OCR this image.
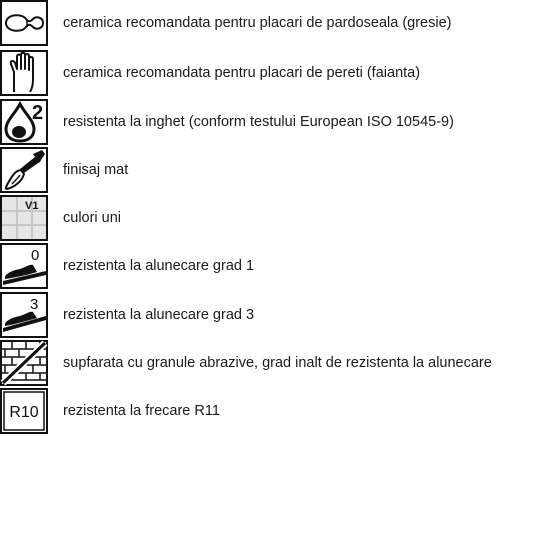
ceramica recomandata pentru placari de pardoseala (gresie)
ceramica recomandata pentru placari de pereti (faianta)
2 resistenta la inghet (conform testului European ISO 10545-9)
finisaj mat
V1
culori uni
0
rezistenta la alunecare grad 1
3
rezistenta la alunecare grad 3
supfarata cu granule abrazive, grad inalt de rezistenta la alunecare
R10 rezistenta la frecare R11
